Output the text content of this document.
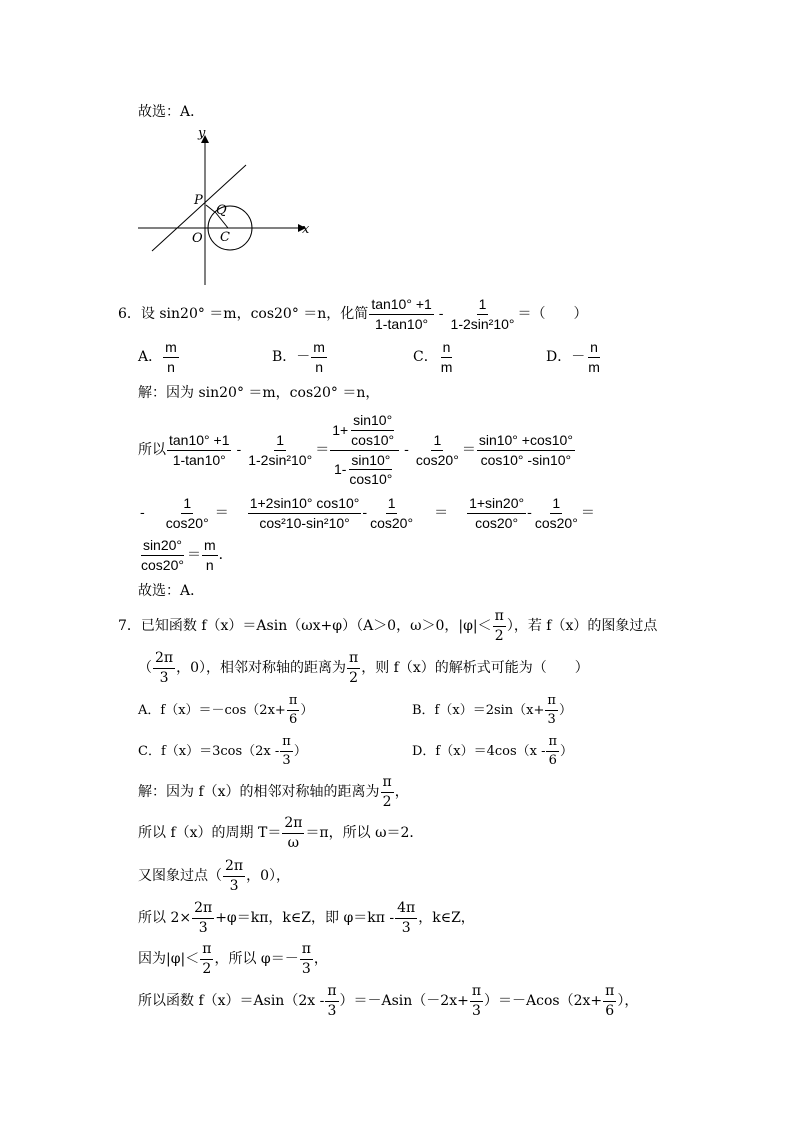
故选：A．
y
x
P
Q
O C
6．设 sin20° ＝m，cos20° ＝n，化简 $\frac{\tan 10^\circ +1}{1-\tan 10^\circ} - \frac{1}{\text{1-2sin²10°}}$ ＝（　　）
A． $\frac{m}{n}$	B． － $\frac{m}{n}$	C． $\frac{n}{m}$	D． － $\frac{n}{m}$
解：因为 sin20° ＝m，cos20° ＝n，
所以 $\frac{\tan 10^\circ +1}{1-\tan 10^\circ} - \frac{1}{\text{1-2sin²10°}} = \frac{1+ \frac{\sin 10^\circ}{\cos 10^\circ}}{1- \frac{\sin 10^\circ}{\cos 10^\circ}} - \frac{1}{\cos 20^\circ} = \frac{\sin 10^\circ +\cos 10^\circ}{\cos 10^\circ -\sin 10^\circ}$
- $\frac{1}{\cos 20^\circ} = \frac{1+2\sin 10^\circ \cos 10^\circ}{\text{cos²10-sin²10°}} - \frac{1}{\cos 20^\circ} = \frac{1+\sin 20^\circ}{\cos 20^\circ} - \frac{1}{\cos 20^\circ}$ ＝
$\frac{\sin 20^\circ}{\cos 20^\circ} = \frac{m}{n}$ ．
故选：A．
7．已知函数 f（x）＝Asin（ωx+φ）（A＞0，ω＞0，$|\varphi|< \frac{\pi}{2}$ ），若 f（x）的图象过点
（ $\frac{2\pi}{3}$ ，0），相邻对称轴的距离为 $\frac{\pi}{2}$ ，则 f（x）的解析式可能为（　　）
A．$f(x)=-\cos(2x+ \frac{\pi}{6}$ ）	B．$f(x)=2\sin(x+ \frac{\pi}{3}$ ）
C．$f(x)=3\cos(2x - \frac{\pi}{3}$ ）	D．$f(x)=4\cos(x - \frac{\pi}{6}$ ）
解：因为 f（x）的相邻对称轴的距离为 $\frac{\pi}{2}$ ，
所以 f（x）的周期 $T= \frac{2\pi}{\omega} =\pi$，所以 ω＝2．
又图象过点（ $\frac{2\pi}{3}$ ，0），
所以 $2\times \frac{2\pi}{3} +\varphi=k\pi$，k∈Z，即 $\varphi=k\pi - \frac{4\pi}{3}$ ，k∈Z，
因为$|\varphi|< \frac{\pi}{2}$ ，所以 $\varphi=- \frac{\pi}{3}$ ，
所以函数 $f(x)=Asin(2x - \frac{\pi}{3} )=-Asin(-2x+ \frac{\pi}{3} )=-Acos(2x+ \frac{\pi}{6}$ ），
